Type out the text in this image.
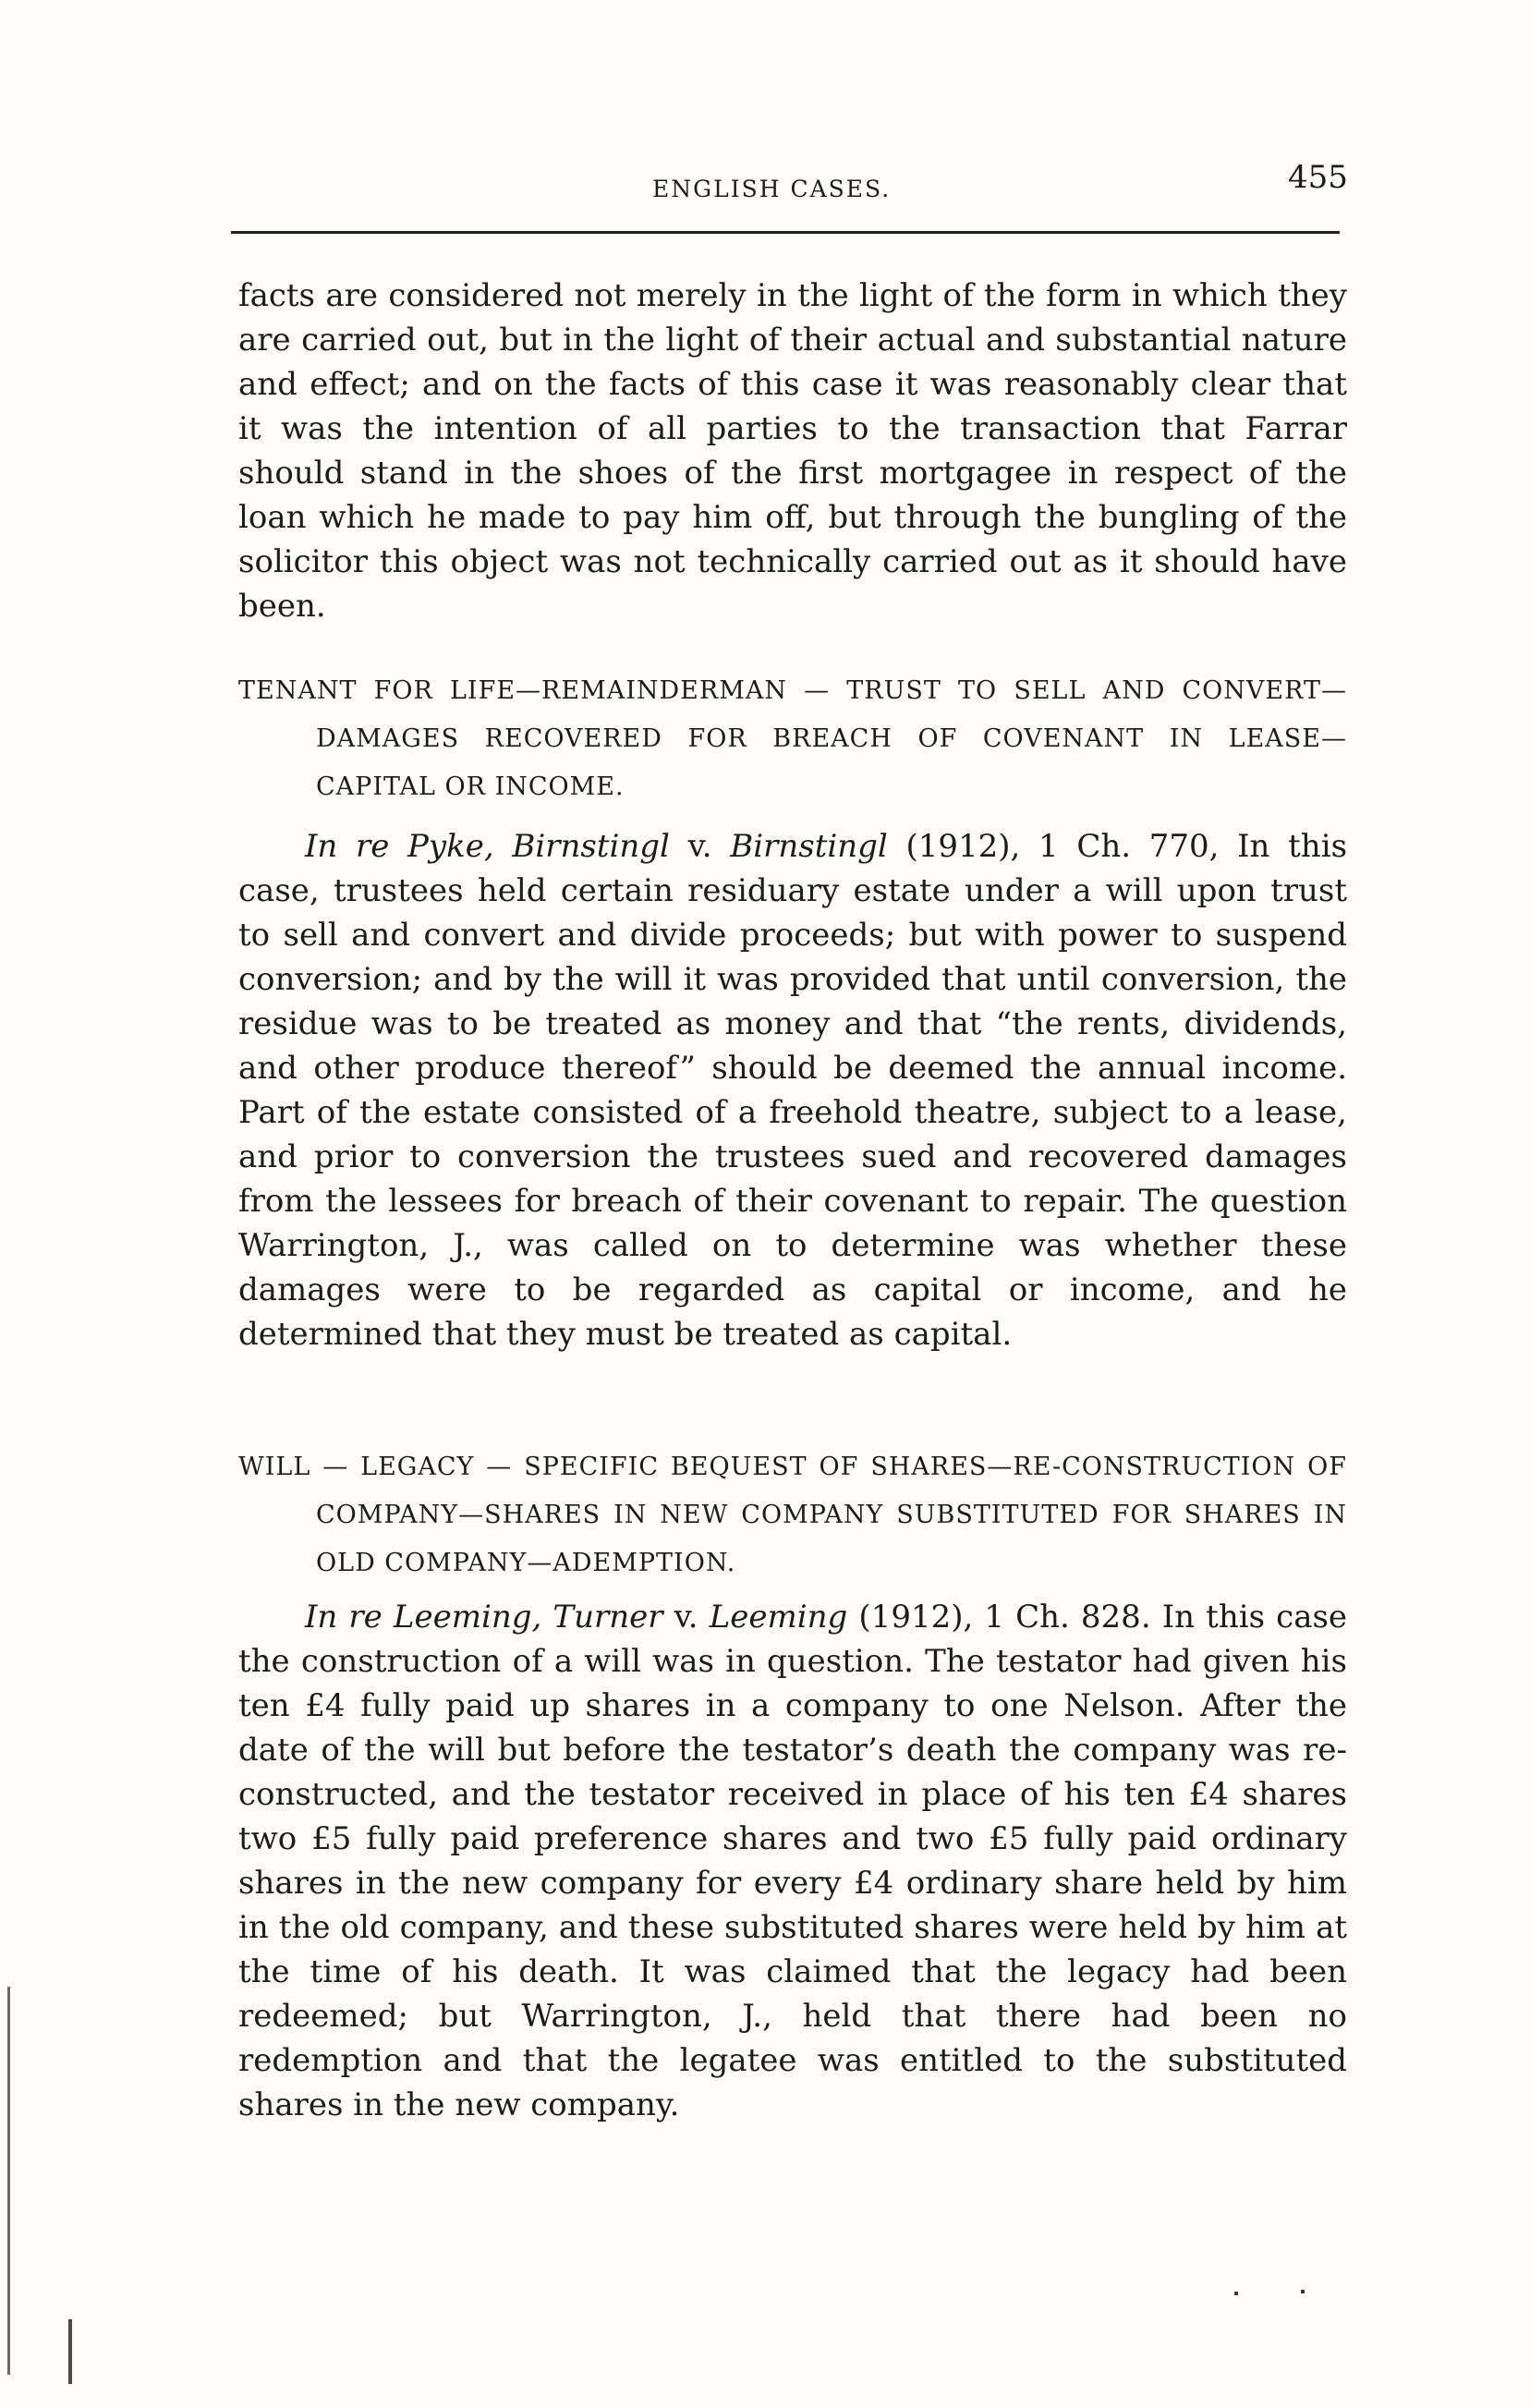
ENGLISH CASES.	455

facts are considered not merely in the light of the form in which they are carried out, but in the light of their actual and substantial nature and effect; and on the facts of this case it was reasonably clear that it was the intention of all parties to the transaction that Farrar should stand in the shoes of the first mortgagee in respect of the loan which he made to pay him off, but through the bungling of the solicitor this object was not technically carried out as it should have been.

TENANT FOR LIFE—REMAINDERMAN — TRUST TO SELL AND CONVERT—DAMAGES RECOVERED FOR BREACH OF COVENANT IN LEASE—CAPITAL OR INCOME.

In re Pyke, Birnstingl v. Birnstingl (1912), 1 Ch. 770, In this case, trustees held certain residuary estate under a will upon trust to sell and convert and divide proceeds; but with power to suspend conversion; and by the will it was provided that until conversion, the residue was to be treated as money and that “the rents, dividends, and other produce thereof” should be deemed the annual income. Part of the estate consisted of a freehold theatre, subject to a lease, and prior to conversion the trustees sued and recovered damages from the lessees for breach of their covenant to repair. The question Warrington, J., was called on to determine was whether these damages were to be regarded as capital or income, and he determined that they must be treated as capital.

WILL — LEGACY — SPECIFIC BEQUEST OF SHARES—RE-CONSTRUCTION OF COMPANY—SHARES IN NEW COMPANY SUBSTITUTED FOR SHARES IN OLD COMPANY—ADEMPTION.

In re Leeming, Turner v. Leeming (1912), 1 Ch. 828. In this case the construction of a will was in question. The testator had given his ten £4 fully paid up shares in a company to one Nelson. After the date of the will but before the testator’s death the company was re-constructed, and the testator received in place of his ten £4 shares two £5 fully paid preference shares and two £5 fully paid ordinary shares in the new company for every £4 ordinary share held by him in the old company, and these substituted shares were held by him at the time of his death. It was claimed that the legacy had been redeemed; but Warrington, J., held that there had been no redemption and that the legatee was entitled to the substituted shares in the new company.
